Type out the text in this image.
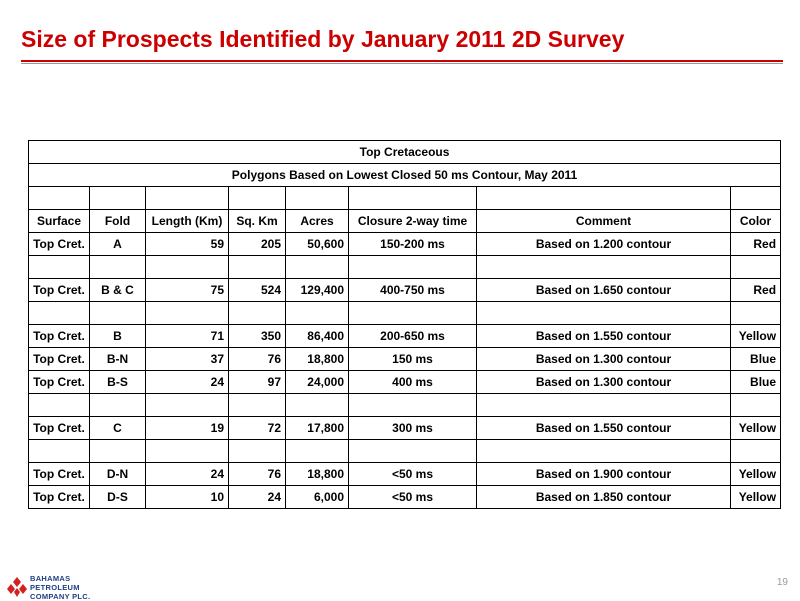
Size of Prospects Identified by January 2011 2D Survey
Top Cretaceous							
Polygons Based on Lowest Closed 50 ms Contour, May 2011							

Surface	Fold	Length (Km)	Sq. Km	Acres	Closure 2-way time	Comment	Color
Top Cret.	A	59	205	50,600	150-200 ms	Based on 1.200 contour	Red

Top Cret.	B & C	75	524	129,400	400-750 ms	Based on 1.650 contour	Red

Top Cret.	B	71	350	86,400	200-650 ms	Based on 1.550 contour	Yellow
Top Cret.	B-N	37	76	18,800	150 ms	Based on 1.300 contour	Blue
Top Cret.	B-S	24	97	24,000	400 ms	Based on 1.300 contour	Blue

Top Cret.	C	19	72	17,800	300 ms	Based on 1.550 contour	Yellow

Top Cret.	D-N	24	76	18,800	<50 ms	Based on 1.900 contour	Yellow
Top Cret.	D-S	10	24	6,000	<50 ms	Based on 1.850 contour	Yellow
BAHAMAS
PETROLEUM
COMPANY PLC.
19
